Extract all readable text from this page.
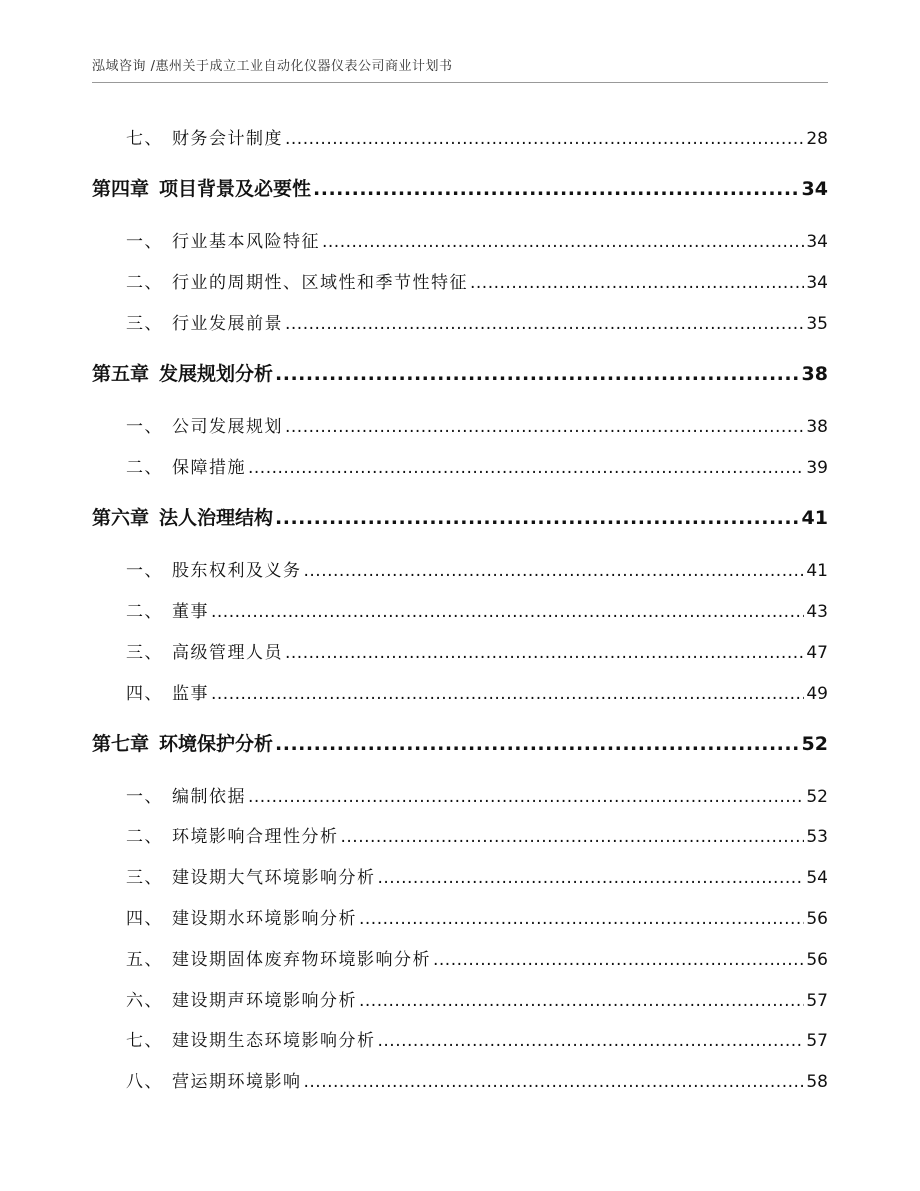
泓域咨询 /惠州关于成立工业自动化仪器仪表公司商业计划书
七、 财务会计制度 .....	28
第四章 项目背景及必要性 .....	34
一、 行业基本风险特征 .....	34
二、 行业的周期性、区域性和季节性特征 .....	34
三、 行业发展前景 .....	35
第五章 发展规划分析 .....	38
一、 公司发展规划 .....	38
二、 保障措施 .....	39
第六章 法人治理结构 .....	41
一、 股东权利及义务 .....	41
二、 董事 .....	43
三、 高级管理人员 .....	47
四、 监事 .....	49
第七章 环境保护分析 .....	52
一、 编制依据 .....	52
二、 环境影响合理性分析 .....	53
三、 建设期大气环境影响分析 .....	54
四、 建设期水环境影响分析 .....	56
五、 建设期固体废弃物环境影响分析 .....	56
六、 建设期声环境影响分析 .....	57
七、 建设期生态环境影响分析 .....	57
八、 营运期环境影响 .....	58
